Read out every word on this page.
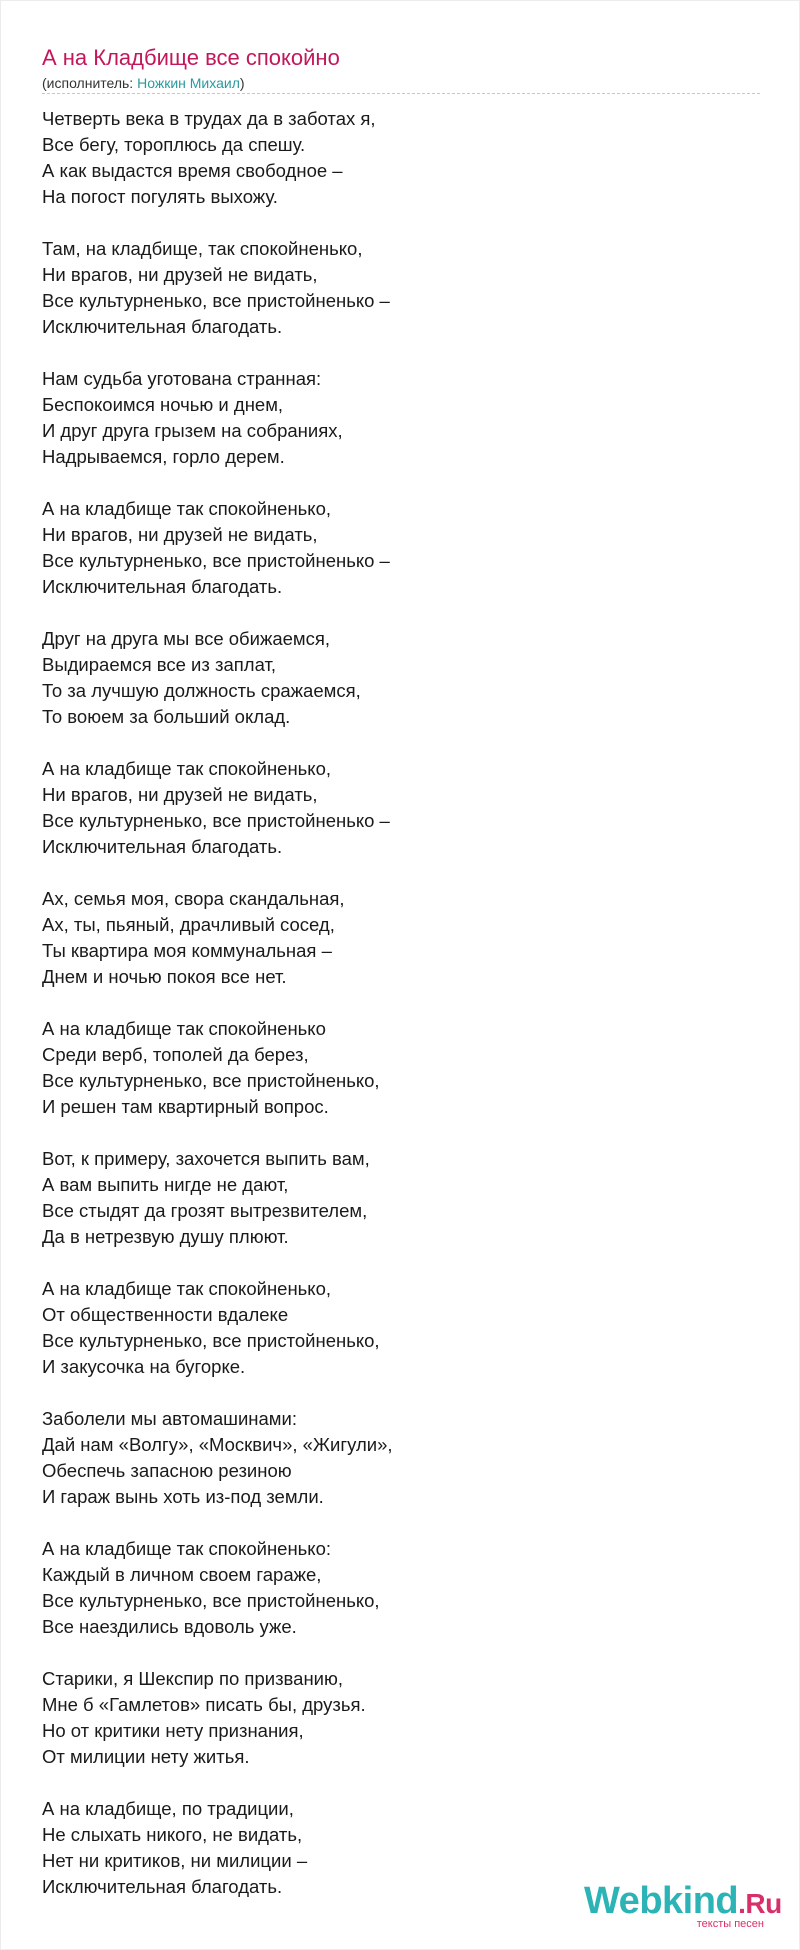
А на Кладбище все спокойно
(исполнитель: Ножкин Михаил)
Четверть века в трудах да в заботах я,
Все бегу, тороплюсь да спешу.
А как выдастся время свободное –
На погост погулять выхожу.
Там, на кладбище, так спокойненько,
Ни врагов, ни друзей не видать,
Все культурненько, все пристойненько –
Исключительная благодать.
Нам судьба уготована странная:
Беспокоимся ночью и днем,
И друг друга грызем на собраниях,
Надрываемся, горло дерем.
А на кладбище так спокойненько,
Ни врагов, ни друзей не видать,
Все культурненько, все пристойненько –
Исключительная благодать.
Друг на друга мы все обижаемся,
Выдираемся все из заплат,
То за лучшую должность сражаемся,
То воюем за больший оклад.
А на кладбище так спокойненько,
Ни врагов, ни друзей не видать,
Все культурненько, все пристойненько –
Исключительная благодать.
Ах, семья моя, свора скандальная,
Ах, ты, пьяный, драчливый сосед,
Ты квартира моя коммунальная –
Днем и ночью покоя все нет.
А на кладбище так спокойненько
Среди верб, тополей да берез,
Все культурненько, все пристойненько,
И решен там квартирный вопрос.
Вот, к примеру, захочется выпить вам,
А вам выпить нигде не дают,
Все стыдят да грозят вытрезвителем,
Да в нетрезвую душу плюют.
А на кладбище так спокойненько,
От общественности вдалеке
Все культурненько, все пристойненько,
И закусочка на бугорке.
Заболели мы автомашинами:
Дай нам «Волгу», «Москвич», «Жигули»,
Обеспечь запасною резиною
И гараж вынь хоть из-под земли.
А на кладбище так спокойненько:
Каждый в личном своем гараже,
Все культурненько, все пристойненько,
Все наездились вдоволь уже.
Старики, я Шекспир по призванию,
Мне б «Гамлетов» писать бы, друзья.
Но от критики нету признания,
От милиции нету житья.
А на кладбище, по традиции,
Не слыхать никого, не видать,
Нет ни критиков, ни милиции –
Исключительная благодать.	Webkind.Ru
тексты песен
